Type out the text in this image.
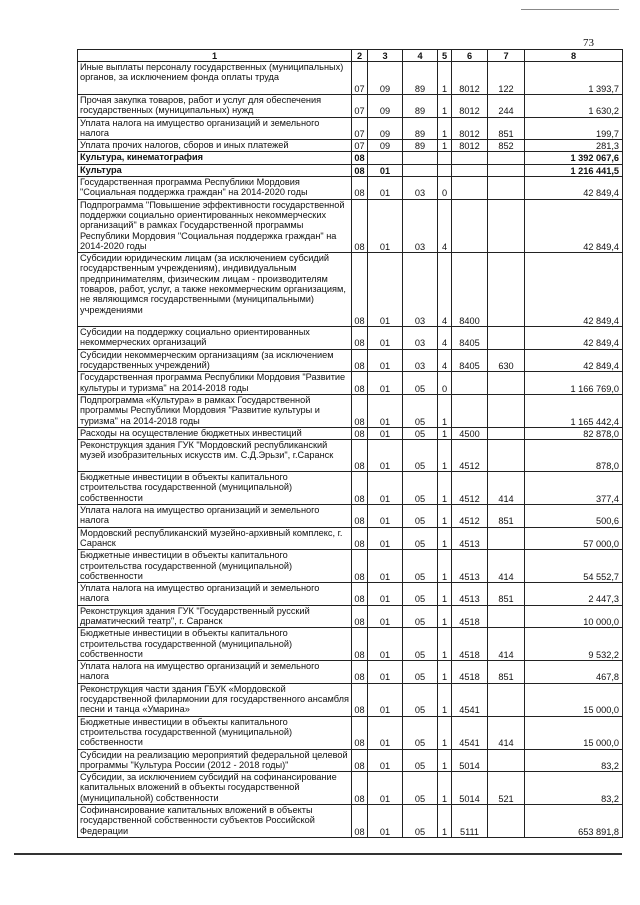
73
1	2	3	4	5	6	7	8
Иные выплаты персоналу государственных (муниципальных) органов, за исключением фонда оплаты труда	07	09	89	1	8012	122	1 393,7
Прочая закупка товаров, работ и услуг для обеспечения государственных (муниципальных) нужд	07	09	89	1	8012	244	1 630,2
Уплата налога на имущество организаций и земельного налога	07	09	89	1	8012	851	199,7
Уплата прочих налогов, сборов и иных платежей	07	09	89	1	8012	852	281,3
Культура, кинематография	08						1 392 067,6
Культура	08	01					1 216 441,5
Государственная программа Республики Мордовия "Социальная поддержка граждан" на 2014-2020 годы	08	01	03	0			42 849,4
Подпрограмма "Повышение эффективности государственной поддержки социально ориентированных некоммерческих организаций" в рамках Государственной программы Республики Мордовия "Социальная поддержка граждан" на 2014-2020 годы	08	01	03	4			42 849,4
Субсидии юридическим лицам (за исключением субсидий государственным учреждениям), индивидуальным предпринимателям, физическим лицам - производителям товаров, работ, услуг, а также некоммерческим организациям, не являющимся государственными (муниципальными) учреждениями	08	01	03	4	8400		42 849,4
Субсидии на поддержку социально ориентированных некоммерческих организаций	08	01	03	4	8405		42 849,4
Субсидии некоммерческим организациям (за исключением государственных учреждений)	08	01	03	4	8405	630	42 849,4
Государственная программа Республики Мордовия "Развитие культуры и туризма" на 2014-2018 годы	08	01	05	0			1 166 769,0
Подпрограмма «Культура» в рамках Государственной программы Республики Мордовия "Развитие культуры и туризма" на 2014-2018 годы	08	01	05	1			1 165 442,4
Расходы на осуществление бюджетных инвестиций	08	01	05	1	4500		82 878,0
Реконструкция здания ГУК "Мордовский республиканский музей изобразительных искусств им. С.Д.Эрьзи", г.Саранск	08	01	05	1	4512		878,0
Бюджетные инвестиции в объекты капитального строительства государственной (муниципальной) собственности	08	01	05	1	4512	414	377,4
Уплата налога на имущество организаций и земельного налога	08	01	05	1	4512	851	500,6
Мордовский республиканский музейно-архивный комплекс, г. Саранск	08	01	05	1	4513		57 000,0
Бюджетные инвестиции в объекты капитального строительства государственной (муниципальной) собственности	08	01	05	1	4513	414	54 552,7
Уплата налога на имущество организаций и земельного налога	08	01	05	1	4513	851	2 447,3
Реконструкция здания ГУК "Государственный русский драматический театр", г. Саранск	08	01	05	1	4518		10 000,0
Бюджетные инвестиции в объекты капитального строительства государственной (муниципальной) собственности	08	01	05	1	4518	414	9 532,2
Уплата налога на имущество организаций и земельного налога	08	01	05	1	4518	851	467,8
Реконструкция части здания ГБУК «Мордовской государственной филармонии для государственного ансамбля песни и танца «Умарина»	08	01	05	1	4541		15 000,0
Бюджетные инвестиции в объекты капитального строительства государственной (муниципальной) собственности	08	01	05	1	4541	414	15 000,0
Субсидии на реализацию мероприятий федеральной целевой программы "Культура России (2012 - 2018 годы)"	08	01	05	1	5014		83,2
Субсидии, за исключением субсидий на софинансирование капитальных вложений в объекты государственной (муниципальной) собственности	08	01	05	1	5014	521	83,2
Софинансирование капитальных вложений в объекты государственной собственности субъектов Российской Федерации	08	01	05	1	5111		653 891,8
